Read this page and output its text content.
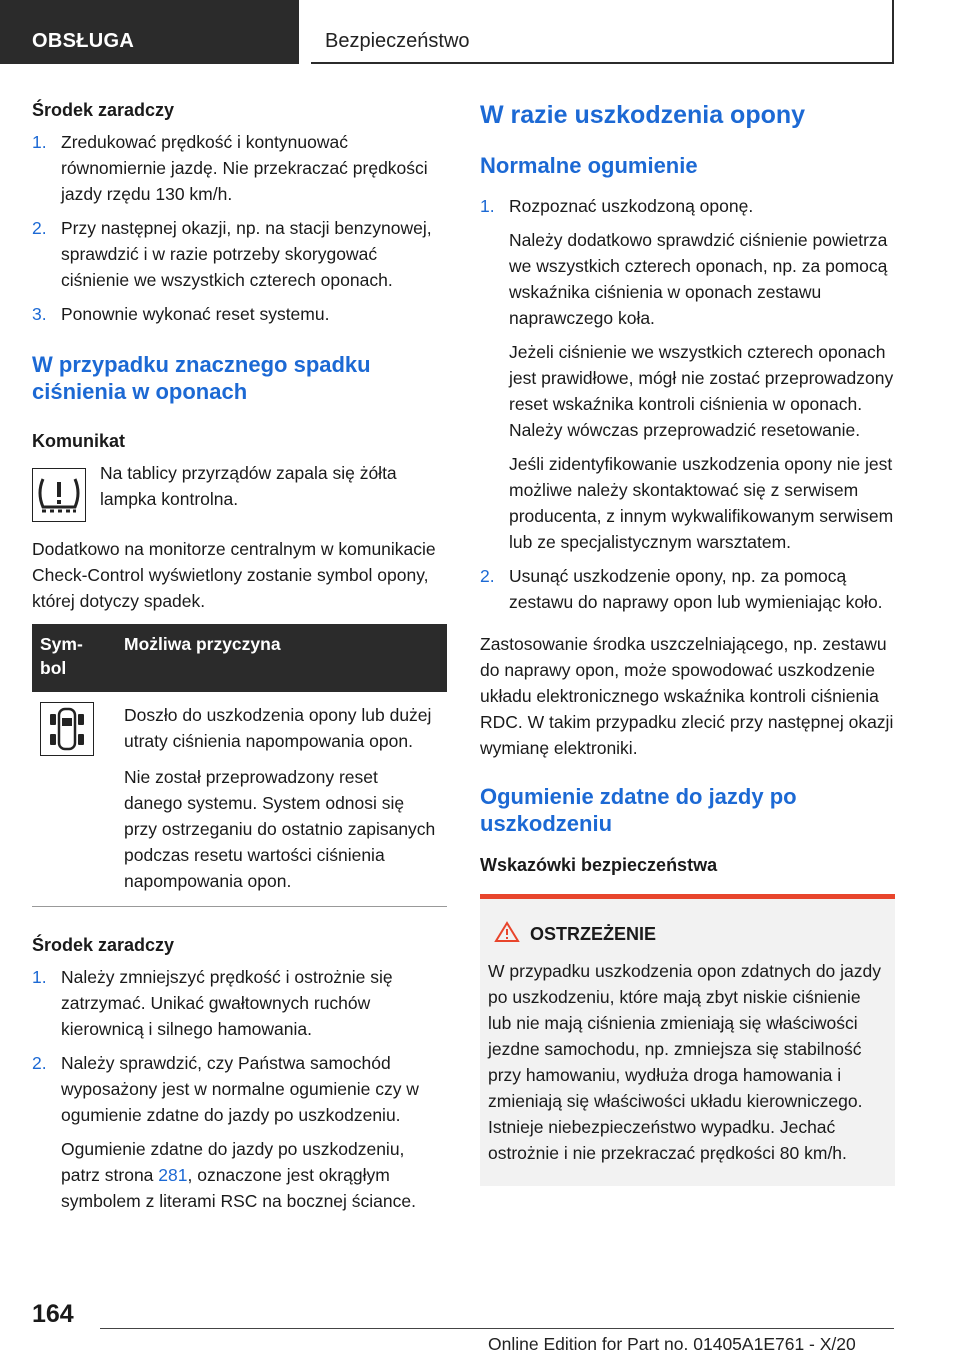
OBSŁUGA	Bezpieczeństwo
Środek zaradczy
1. Zredukować prędkość i kontynuować równomiernie jazdę. Nie przekraczać prędkości jazdy rzędu 130 km/h.
2. Przy następnej okazji, np. na stacji benzynowej, sprawdzić i w razie potrzeby skorygować ciśnienie we wszystkich czterech oponach.
3. Ponownie wykonać reset systemu.
W przypadku znacznego spadku ciśnienia w oponach
Komunikat
Na tablicy przyrządów zapala się żółta lampka kontrolna.
Dodatkowo na monitorze centralnym w komunikacie Check-Control wyświetlony zostanie symbol opony, której dotyczy spadek.
Sym-bol	Możliwa przyczyna

Doszło do uszkodzenia opony lub dużej utraty ciśnienia napompowania opon.
Nie został przeprowadzony reset danego systemu. System odnosi się przy ostrzeganiu do ostatnio zapisanych podczas resetu wartości ciśnienia napompowania opon.
Środek zaradczy
1. Należy zmniejszyć prędkość i ostrożnie się zatrzymać. Unikać gwałtownych ruchów kierownicą i silnego hamowania.
2. Należy sprawdzić, czy Państwa samochód wyposażony jest w normalne ogumienie czy w ogumienie zdatne do jazdy po uszkodzeniu.
Ogumienie zdatne do jazdy po uszkodzeniu, patrz strona 281, oznaczone jest okrągłym symbolem z literami RSC na bocznej ściance.
W razie uszkodzenia opony
Normalne ogumienie
1. Rozpoznać uszkodzoną oponę.
Należy dodatkowo sprawdzić ciśnienie powietrza we wszystkich czterech oponach, np. za pomocą wskaźnika ciśnienia w oponach zestawu naprawczego koła.
Jeżeli ciśnienie we wszystkich czterech oponach jest prawidłowe, mógł nie zostać przeprowadzony reset wskaźnika kontroli ciśnienia w oponach. Należy wówczas przeprowadzić resetowanie.
Jeśli zidentyfikowanie uszkodzenia opony nie jest możliwe należy skontaktować się z serwisem producenta, z innym wykwalifikowanym serwisem lub ze specjalistycznym warsztatem.
2. Usunąć uszkodzenie opony, np. za pomocą zestawu do naprawy opon lub wymieniając koło.
Zastosowanie środka uszczelniającego, np. zestawu do naprawy opon, może spowodować uszkodzenie układu elektronicznego wskaźnika kontroli ciśnienia RDC. W takim przypadku zlecić przy następnej okazji wymianę elektroniki.
Ogumienie zdatne do jazdy po uszkodzeniu
Wskazówki bezpieczeństwa
OSTRZEŻENIE
W przypadku uszkodzenia opon zdatnych do jazdy po uszkodzeniu, które mają zbyt niskie ciśnienie lub nie mają ciśnienia zmieniają się właściwości jezdne samochodu, np. zmniejsza się stabilność przy hamowaniu, wydłuża droga hamowania i zmieniają się właściwości układu kierowniczego. Istnieje niebezpieczeństwo wypadku. Jechać ostrożnie i nie przekraczać prędkości 80 km/h.
164
Online Edition for Part no. 01405A1E761 - X/20
